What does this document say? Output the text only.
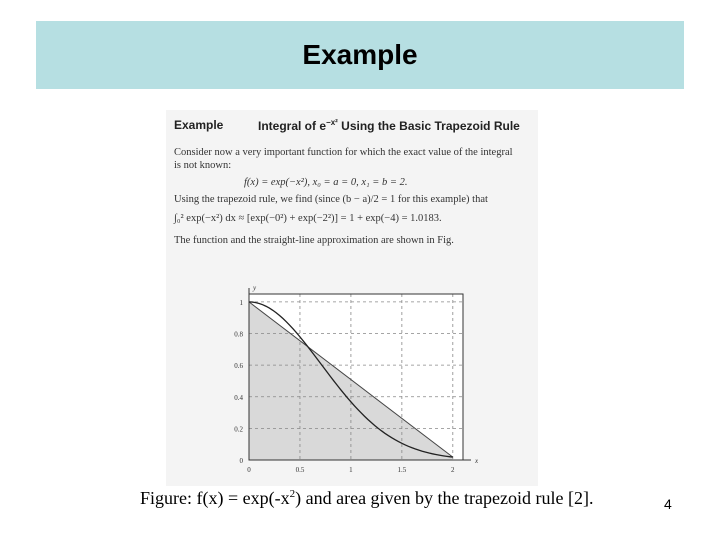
Example
Example	Integral of $e^{-x^2}$ Using the Basic Trapezoid Rule
Consider now a very important function for which the exact value of the integral
is not known:
f(x) = exp(−x²), x₀ = a = 0, x₁ = b = 2.
Using the trapezoid rule, we find (since (b − a)/2 = 1 for this example) that
∫₀² exp(−x²) dx ≈ [exp(−0²) + exp(−2²)] = 1 + exp(−4) = 1.0183.
The function and the straight-line approximation are shown in Fig.
0	0.5	1	1.5	2
0
0.2
0.4
0.6
0.8
1
x
y
Figure: $f(x) = \exp(-x^2)$ and area given by the trapezoid rule [2].	4
